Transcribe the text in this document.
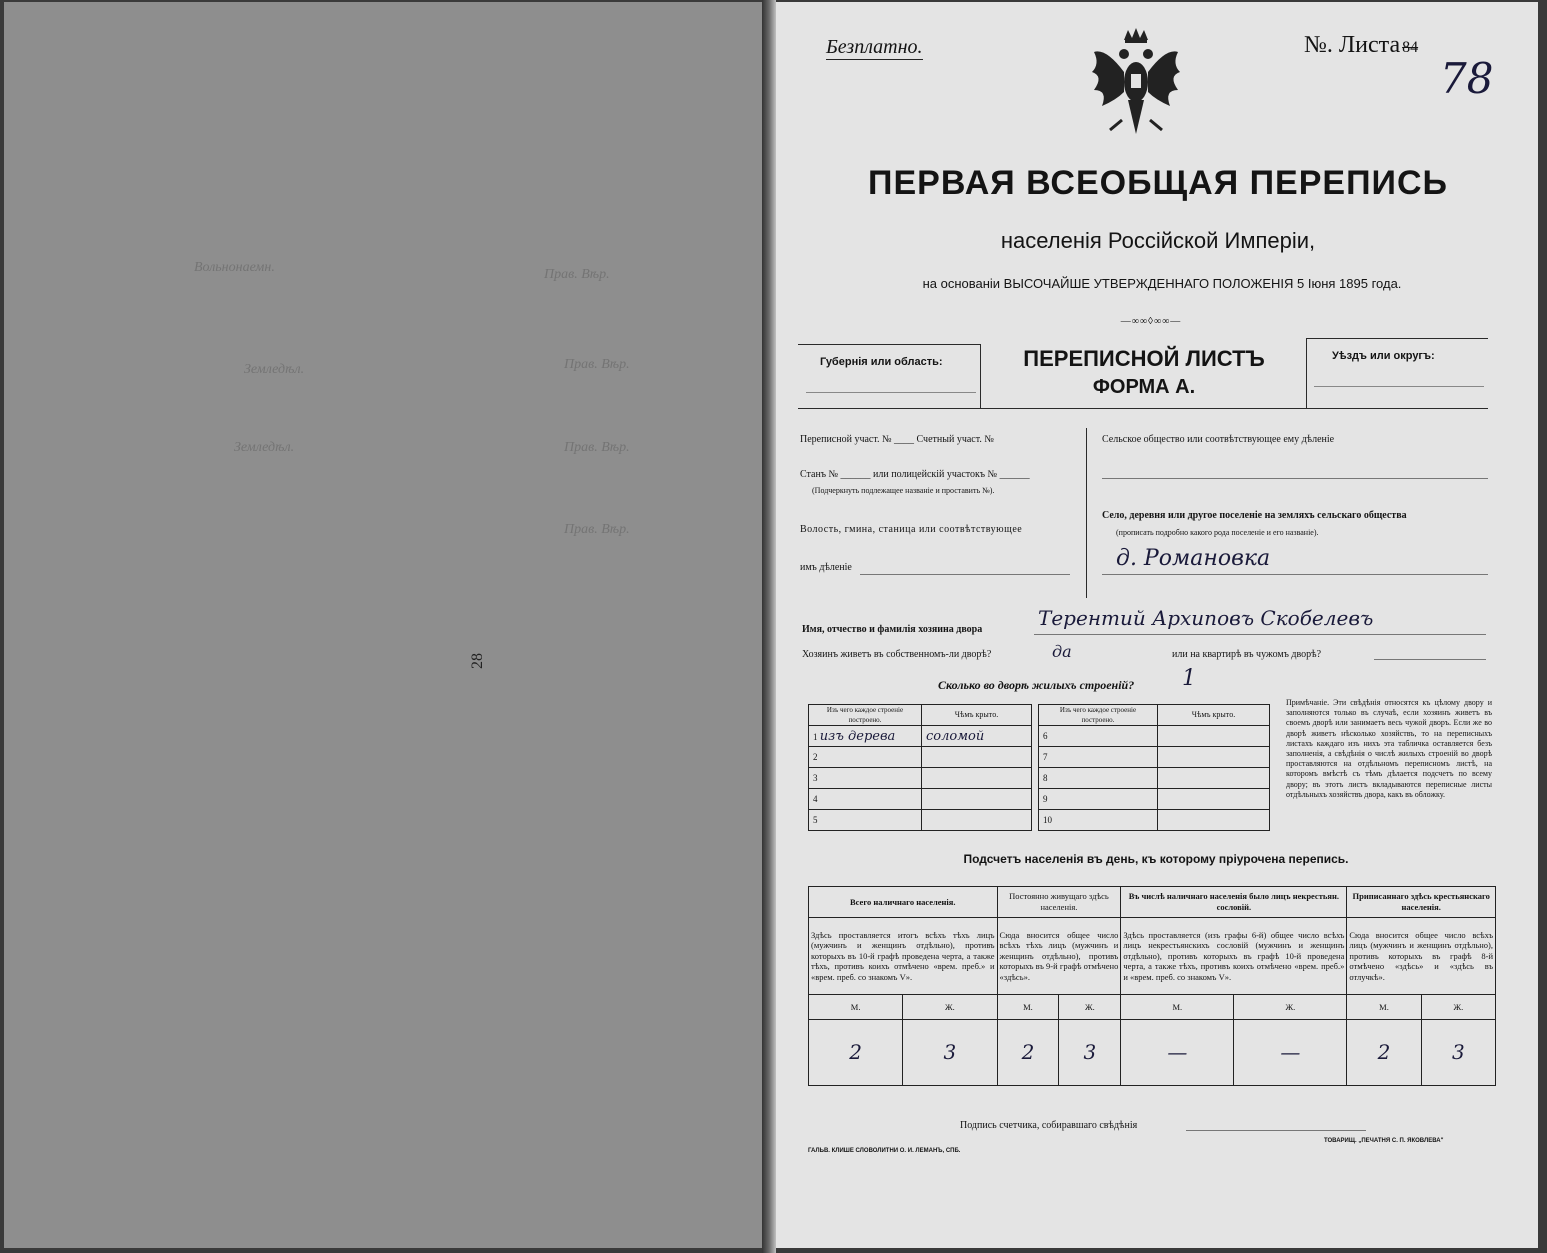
Вольнонаемн.
Земледѣл.
Земледѣл.
Прав. Вѣр.
Прав. Вѣр.
Прав. Вѣр.
Прав. Вѣр.
28
Безплатно.	№. Листа 84
78
ПЕРВАЯ ВСЕОБЩАЯ ПЕРЕПИСЬ
населенія Россійской Имперіи,
на основаніи ВЫСОЧАЙШЕ УТВЕРЖДЕННАГО ПОЛОЖЕНІЯ 5 Іюня 1895 года.
—∞∞◊∞∞—
Губернія или область:	ПЕРЕПИСНОЙ ЛИСТЪ
ФОРМА А.
Уѣздъ или округъ:
Переписной участ. № ____ Счетный участ. №
Станъ № ______ или полицейскій участокъ № ______
(Подчеркнуть подлежащее названіе и проставить №).
Волость, гмина, станица или соотвѣтствующее
имъ дѣленіе
Сельское общество или соотвѣтствующее ему дѣленіе
Село, деревня или другое поселеніе на земляхъ сельскаго общества
(прописать подробно какого рода поселеніе и его названіе).
д. Романовка
Имя, отчество и фамилія хозяина двора	Терентий Архиповъ Скобелевъ
Хозяинъ живетъ въ собственномъ-ли дворѣ?	да	или на квартирѣ въ чужомъ дворѣ?
Сколько во дворѣ жилыхъ строеній? 1
Изъ чего каждое строеніе построено.	Чѣмъ крыто.
1 изъ дерева	соломой
2	
3	
4	
5	
Изъ чего каждое строеніе построено.	Чѣмъ крыто.
6	
7	
8	
9	
10	
Примѣчаніе. Эти свѣдѣнія относятся къ цѣлому двору и заполняются только въ случаѣ, если хозяинъ живетъ въ своемъ дворѣ или занимаетъ весь чужой дворъ. Если же во дворѣ живетъ нѣсколько хозяйствъ, то на переписныхъ листахъ каждаго изъ нихъ эта табличка оставляется безъ заполненія, а свѣдѣнія о числѣ жилыхъ строеній во дворѣ проставляются на отдѣльномъ переписномъ листѣ, на которомъ вмѣстѣ съ тѣмъ дѣлается подсчетъ по всему двору; въ этотъ листъ вкладываются переписные листы отдѣльныхъ хозяйствъ двора, какъ въ обложку.
Подсчетъ населенія въ день, къ которому пріурочена перепись.
Всего наличнаго населенія.		Постоянно живущаго здѣсь населенія.		Въ числѣ наличнаго населенія было лицъ некрестьян. сословій.		Приписаннаго здѣсь крестьянскаго населенія.	
Здѣсь проставляется итогъ всѣхъ тѣхъ лицъ (мужчинъ и женщинъ отдѣльно), противъ которыхъ въ 10-й графѣ проведена черта, а также тѣхъ, противъ коихъ отмѣчено «врем. преб.» и «врем. преб. со знакомъ V».		Сюда вносится общее число всѣхъ тѣхъ лицъ (мужчинъ и женщинъ отдѣльно), противъ которыхъ въ 9-й графѣ отмѣчено «здѣсь».		Здѣсь проставляется (изъ графы 6-й) общее число всѣхъ лицъ некрестьянскихъ сословій (мужчинъ и женщинъ отдѣльно), противъ которыхъ въ графѣ 10-й проведена черта, а также тѣхъ, противъ коихъ отмѣчено «врем. преб.» и «врем. преб. со знакомъ V».		Сюда вносится общее число всѣхъ лицъ (мужчинъ и женщинъ отдѣльно), противъ которыхъ въ графѣ 8-й отмѣчено «здѣсь» и «здѣсь въ отлучкѣ».	
М.	Ж.	М.	Ж.	М.	Ж.	М.	Ж.
2	3	2	3	—	—	2	3
Подпись счетчика, собиравшаго свѣдѣнія
ГАЛЬВ. КЛИШЕ СЛОВОЛИТНИ О. И. ЛЕМАНЪ, СПБ.
ТОВАРИЩ. „ПЕЧАТНЯ С. П. ЯКОВЛЕВА"
